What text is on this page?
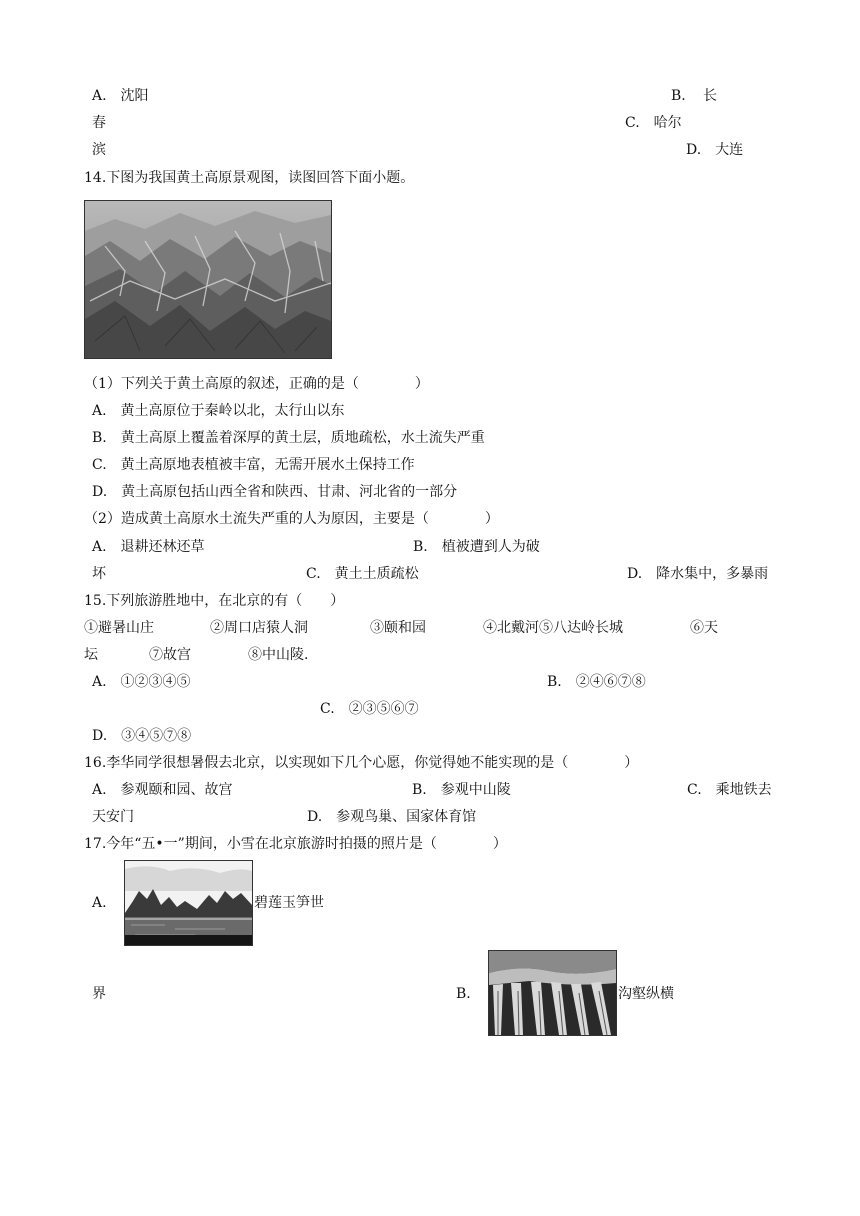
A.　沈阳	B. 长
春	C.　哈尔
滨	D.　大连
14.下图为我国黄土高原景观图，读图回答下面小题。
（1）下列关于黄土高原的叙述，正确的是（　　　　）
A.　黄土高原位于秦岭以北，太行山以东
B.　黄土高原上覆盖着深厚的黄土层，质地疏松，水土流失严重
C.　黄土高原地表植被丰富，无需开展水土保持工作
D.　黄土高原包括山西全省和陕西、甘肃、河北省的一部分
（2）造成黄土高原水土流失严重的人为原因，主要是（　　　　）
A.　退耕还林还草	B.　植被遭到人为破
坏	C.　黄土土质疏松	D.　降水集中，多暴雨
15.下列旅游胜地中，在北京的有（　　）
①避暑山庄	②周口店猿人洞	③颐和园	④北戴河⑤八达岭长城	⑥天
坛	⑦故宫	⑧中山陵.
A.　①②③④⑤	B.　②④⑥⑦⑧
C.　②③⑤⑥⑦
D.　③④⑤⑦⑧
16.李华同学很想暑假去北京，以实现如下几个心愿，你觉得她不能实现的是（　　　　）
A.　参观颐和园、故宫	B.　参观中山陵	C.　乘地铁去
天安门	D.　参观鸟巢、国家体育馆
17.今年“五•一”期间，小雪在北京旅游时拍摄的照片是（　　　　）
A.	碧莲玉笋世
界	B.	沟壑纵横
